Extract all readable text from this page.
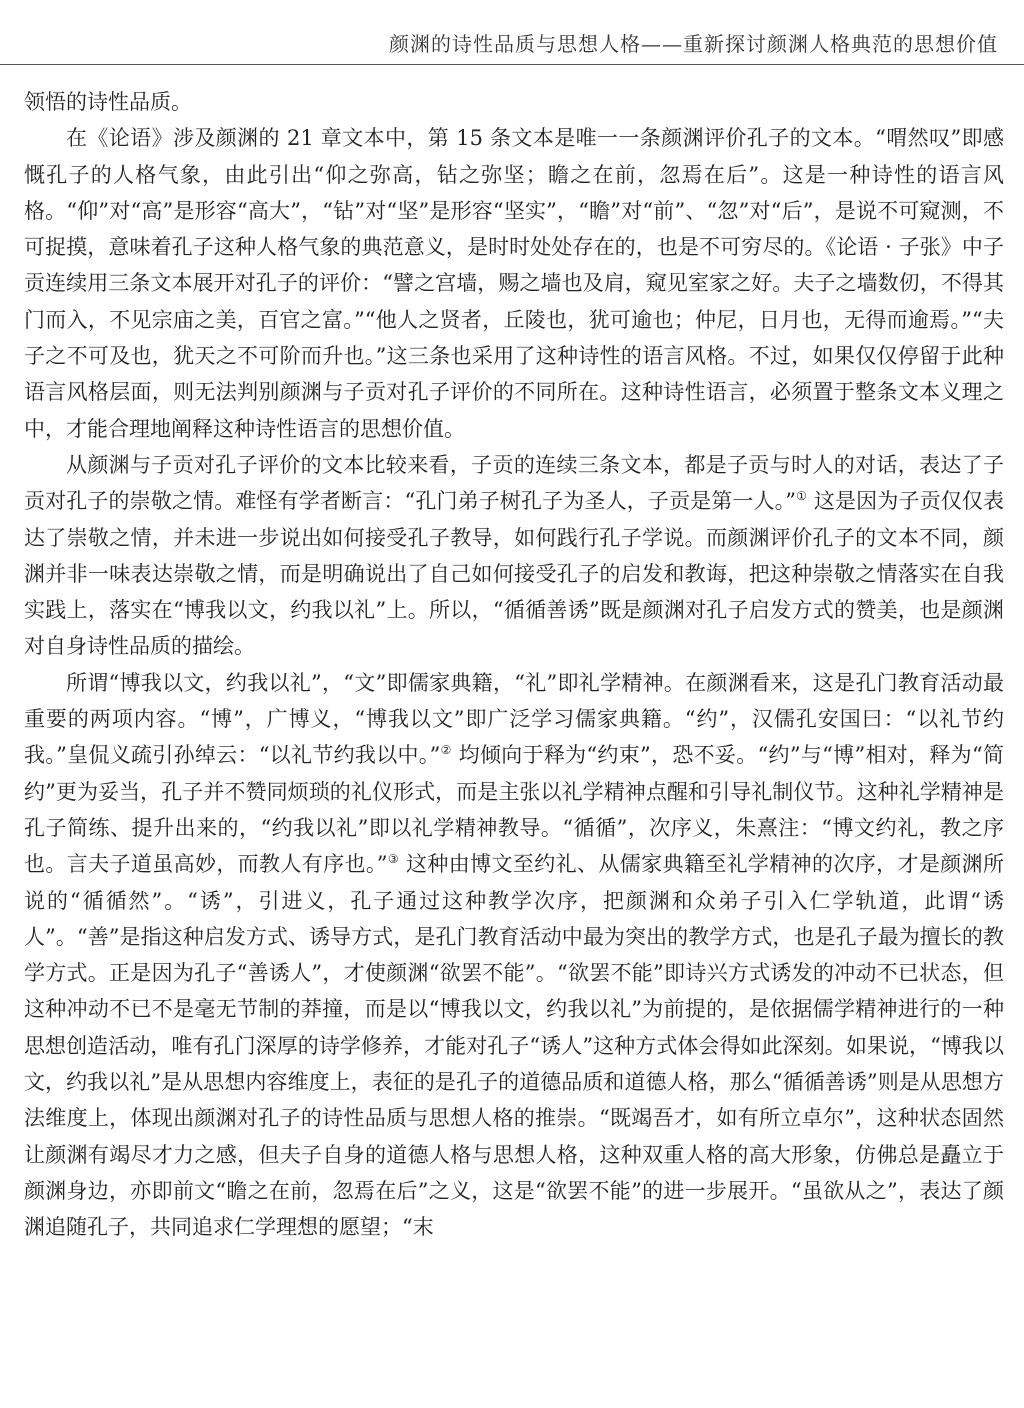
颜渊的诗性品质与思想人格——重新探讨颜渊人格典范的思想价值

领悟的诗性品质。

在《论语》涉及颜渊的 21 章文本中，第 15 条文本是唯一一条颜渊评价孔子的文本。“喟然叹”即感慨孔子的人格气象，由此引出“仰之弥高，钻之弥坚；瞻之在前，忽焉在后”。这是一种诗性的语言风格。“仰”对“高”是形容“高大”，“钻”对“坚”是形容“坚实”，“瞻”对“前”、“忽”对“后”，是说不可窥测，不可捉摸，意味着孔子这种人格气象的典范意义，是时时处处存在的，也是不可穷尽的。《论语 · 子张》中子贡连续用三条文本展开对孔子的评价：“譬之宫墙，赐之墙也及肩，窥见室家之好。夫子之墙数仞，不得其门而入，不见宗庙之美，百官之富。”“他人之贤者，丘陵也，犹可逾也；仲尼，日月也，无得而逾焉。”“夫子之不可及也，犹天之不可阶而升也。”这三条也采用了这种诗性的语言风格。不过，如果仅仅停留于此种语言风格层面，则无法判别颜渊与子贡对孔子评价的不同所在。这种诗性语言，必须置于整条文本义理之中，才能合理地阐释这种诗性语言的思想价值。

从颜渊与子贡对孔子评价的文本比较来看，子贡的连续三条文本，都是子贡与时人的对话，表达了子贡对孔子的崇敬之情。难怪有学者断言：“孔门弟子树孔子为圣人，子贡是第一人。”① 这是因为子贡仅仅表达了崇敬之情，并未进一步说出如何接受孔子教导，如何践行孔子学说。而颜渊评价孔子的文本不同，颜渊并非一味表达崇敬之情，而是明确说出了自己如何接受孔子的启发和教诲，把这种崇敬之情落实在自我实践上，落实在“博我以文，约我以礼”上。所以，“循循善诱”既是颜渊对孔子启发方式的赞美，也是颜渊对自身诗性品质的描绘。

所谓“博我以文，约我以礼”，“文”即儒家典籍，“礼”即礼学精神。在颜渊看来，这是孔门教育活动最重要的两项内容。“博”，广博义，“博我以文”即广泛学习儒家典籍。“约”，汉儒孔安国曰：“以礼节约我。”皇侃义疏引孙绰云：“以礼节约我以中。”② 均倾向于释为“约束”，恐不妥。“约”与“博”相对，释为“简约”更为妥当，孔子并不赞同烦琐的礼仪形式，而是主张以礼学精神点醒和引导礼制仪节。这种礼学精神是孔子简练、提升出来的，“约我以礼”即以礼学精神教导。“循循”，次序义，朱熹注：“博文约礼，教之序也。言夫子道虽高妙，而教人有序也。”③ 这种由博文至约礼、从儒家典籍至礼学精神的次序，才是颜渊所说的“循循然”。“诱”，引进义，孔子通过这种教学次序，把颜渊和众弟子引入仁学轨道，此谓“诱人”。“善”是指这种启发方式、诱导方式，是孔门教育活动中最为突出的教学方式，也是孔子最为擅长的教学方式。正是因为孔子“善诱人”，才使颜渊“欲罢不能”。“欲罢不能”即诗兴方式诱发的冲动不已状态，但这种冲动不已不是毫无节制的莽撞，而是以“博我以文，约我以礼”为前提的，是依据儒学精神进行的一种思想创造活动，唯有孔门深厚的诗学修养，才能对孔子“诱人”这种方式体会得如此深刻。如果说，“博我以文，约我以礼”是从思想内容维度上，表征的是孔子的道德品质和道德人格，那么“循循善诱”则是从思想方法维度上，体现出颜渊对孔子的诗性品质与思想人格的推崇。“既竭吾才，如有所立卓尔”，这种状态固然让颜渊有竭尽才力之感，但夫子自身的道德人格与思想人格，这种双重人格的高大形象，仿佛总是矗立于颜渊身边，亦即前文“瞻之在前，忽焉在后”之义，这是“欲罢不能”的进一步展开。“虽欲从之”，表达了颜渊追随孔子，共同追求仁学理想的愿望；“末
